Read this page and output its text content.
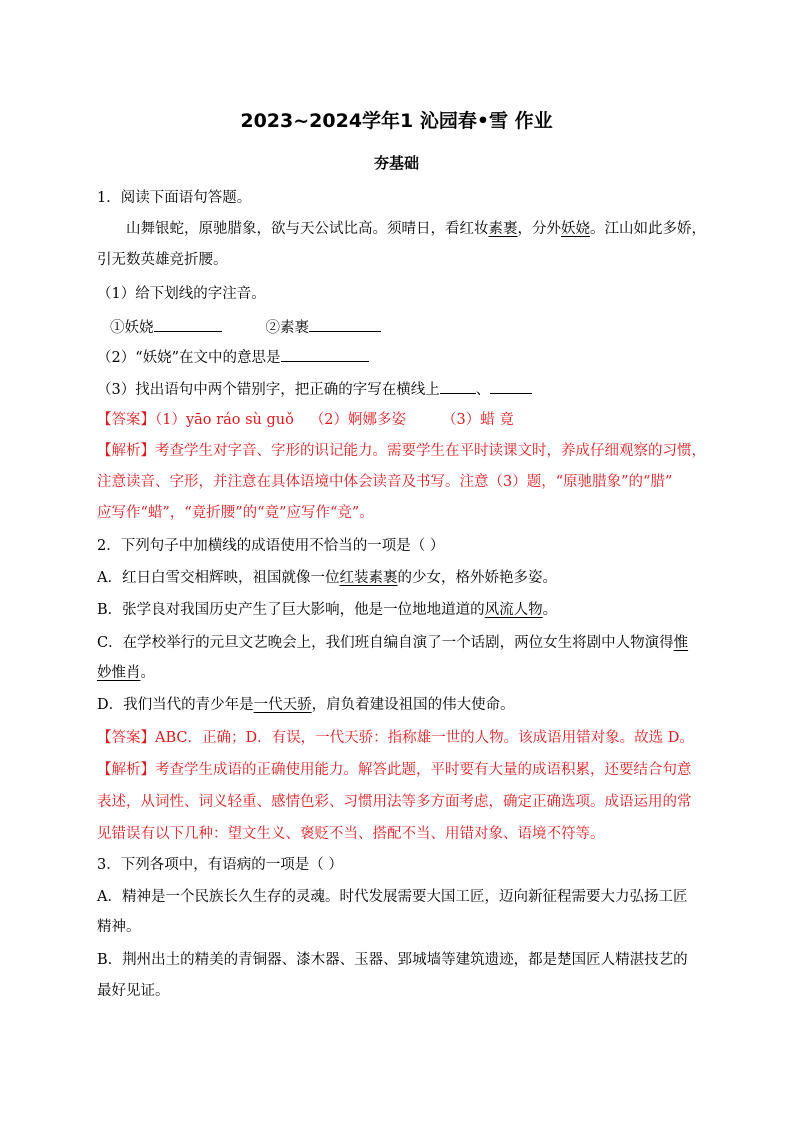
2023~2024学年1 沁园春•雪 作业
夯基础
1．阅读下面语句答题。
山舞银蛇，原驰腊象，欲与天公试比高。须晴日，看红妆素裹，分外妖娆。江山如此多娇，
引无数英雄竞折腰。
（1）给下划线的字注音。
①妖娆	②素裹
（2）“妖娆”在文中的意思是
（3）找出语句中两个错别字，把正确的字写在横线上 、
【答案】（1）yāo ráo sù guǒ （2）婀娜多姿 （3）蜡 竟
【解析】考查学生对字音、字形的识记能力。需要学生在平时读课文时，养成仔细观察的习惯，
注意读音、字形，并注意在具体语境中体会读音及书写。注意（3）题，“原驰腊象”的“腊”
应写作“蜡”，“竟折腰”的“竟”应写作“竞”。
2．下列句子中加横线的成语使用不恰当的一项是（ ）
A．红日白雪交相辉映，祖国就像一位红装素裹的少女，格外娇艳多姿。
B．张学良对我国历史产生了巨大影响，他是一位地地道道的风流人物。
C．在学校举行的元旦文艺晚会上，我们班自编自演了一个话剧，两位女生将剧中人物演得惟
妙惟肖。
D．我们当代的青少年是一代天骄，肩负着建设祖国的伟大使命。
【答案】ABC．正确；D．有误，一代天骄：指称雄一世的人物。该成语用错对象。故选 D。
【解析】考查学生成语的正确使用能力。解答此题，平时要有大量的成语积累，还要结合句意
表述，从词性、词义轻重、感情色彩、习惯用法等多方面考虑，确定正确选项。成语运用的常
见错误有以下几种：望文生义、褒贬不当、搭配不当、用错对象、语境不符等。
3．下列各项中，有语病的一项是（ ）
A．精神是一个民族长久生存的灵魂。时代发展需要大国工匠，迈向新征程需要大力弘扬工匠
精神。
B．荆州出土的精美的青铜器、漆木器、玉器、郢城墙等建筑遗迹，都是楚国匠人精湛技艺的
最好见证。
